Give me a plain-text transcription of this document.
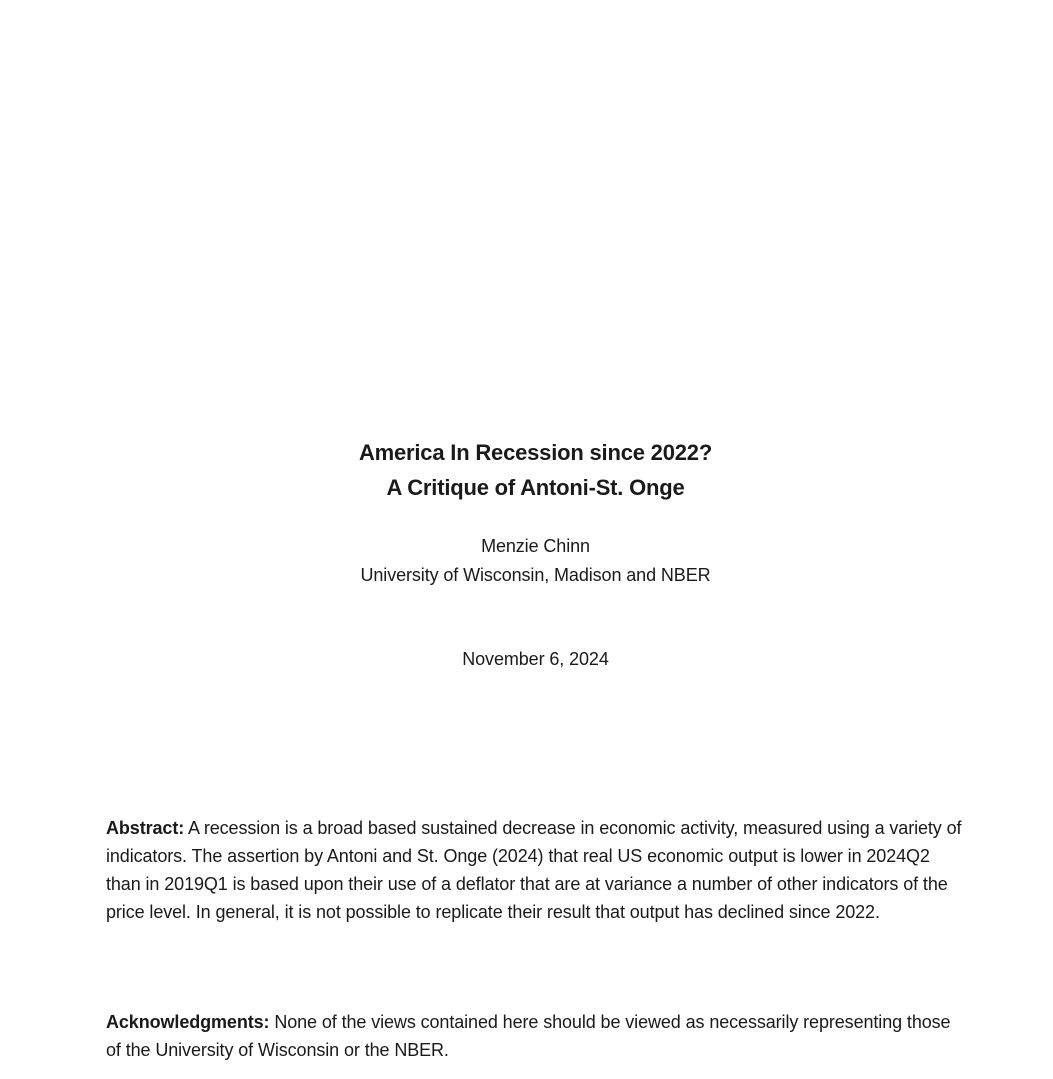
America In Recession since 2022?
A Critique of Antoni-St. Onge
Menzie Chinn
University of Wisconsin, Madison and NBER
November 6, 2024

Abstract: A recession is a broad based sustained decrease in economic activity, measured using a variety of indicators. The assertion by Antoni and St. Onge (2024) that real US economic output is lower in 2024Q2 than in 2019Q1 is based upon their use of a deflator that are at variance a number of other indicators of the price level. In general, it is not possible to replicate their result that output has declined since 2022.

Acknowledgments: None of the views contained here should be viewed as necessarily representing those of the University of Wisconsin or the NBER.
